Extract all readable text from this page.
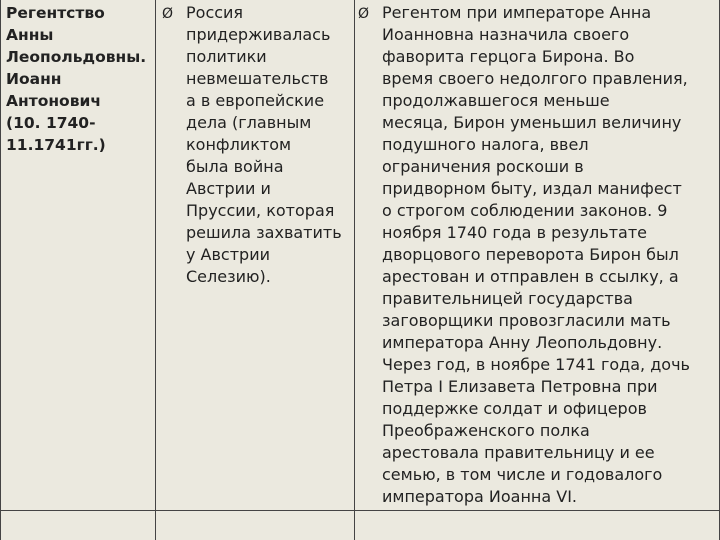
Регентство
Анны
Леопольдовны.
Иоанн
Антонович
(10. 1740-
11.1741гг.)
Ø Россия
придерживалась
политики
невмешательств
а в европейские
дела (главным
конфликтом
была война
Австрии и
Пруссии, которая
решила захватить
у Австрии
Селезию).
Ø Регентом при императоре Анна
Иоанновна назначила своего
фаворита герцога Бирона. Во
время своего недолгого правления,
продолжавшегося меньше
месяца, Бирон уменьшил величину
подушного налога, ввел
ограничения роскоши в
придворном быту, издал манифест
о строгом соблюдении законов. 9
ноября 1740 года в результате
дворцового переворота Бирон был
арестован и отправлен в ссылку, а
правительницей государства
заговорщики провозгласили мать
императора Анну Леопольдовну.
Через год, в ноябре 1741 года, дочь
Петра I Елизавета Петровна при
поддержке солдат и офицеров
Преображенского полка
арестовала правительницу и ее
семью, в том числе и годовалого
императора Иоанна VI.
